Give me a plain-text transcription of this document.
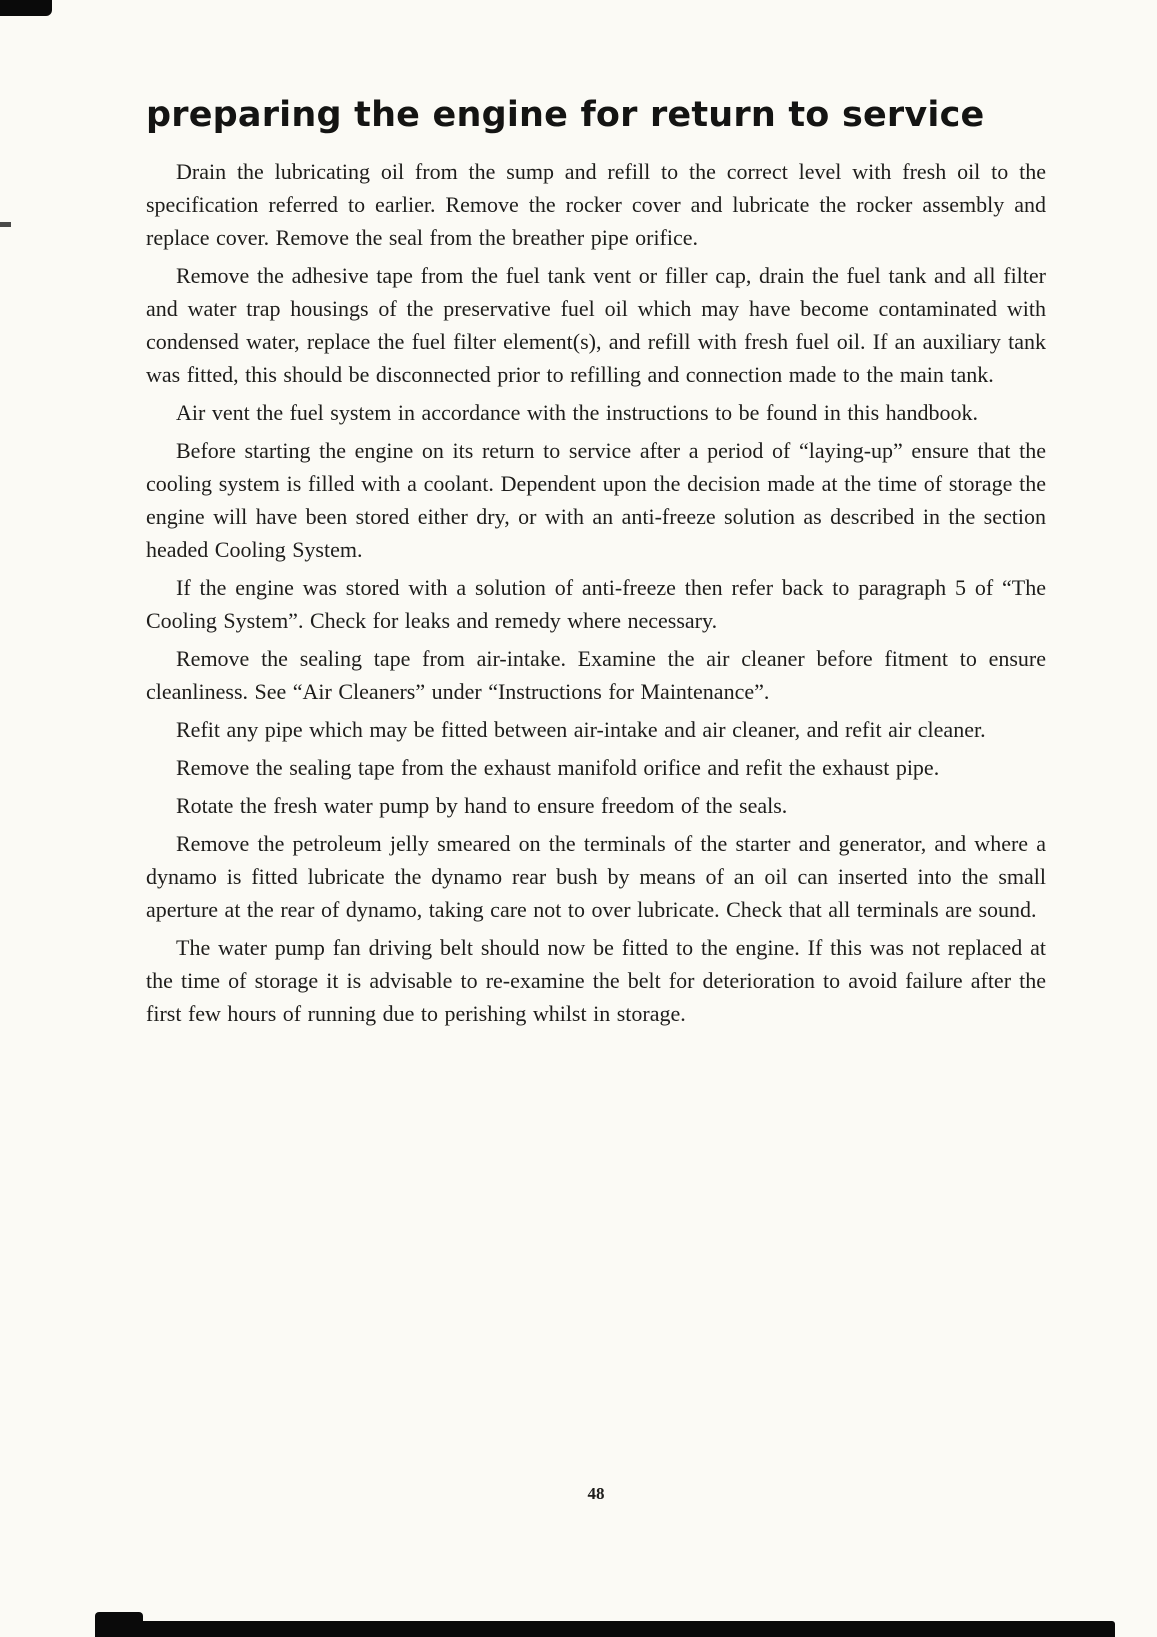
preparing the engine for return to service

Drain the lubricating oil from the sump and refill to the correct level with fresh oil to the specification referred to earlier. Remove the rocker cover and lubricate the rocker assembly and replace cover. Remove the seal from the breather pipe orifice.

Remove the adhesive tape from the fuel tank vent or filler cap, drain the fuel tank and all filter and water trap housings of the preservative fuel oil which may have become contaminated with condensed water, replace the fuel filter element(s), and refill with fresh fuel oil. If an auxiliary tank was fitted, this should be disconnected prior to refilling and connection made to the main tank.

Air vent the fuel system in accordance with the instructions to be found in this handbook.

Before starting the engine on its return to service after a period of “laying-up” ensure that the cooling system is filled with a coolant. Dependent upon the decision made at the time of storage the engine will have been stored either dry, or with an anti-freeze solution as described in the section headed Cooling System.

If the engine was stored with a solution of anti-freeze then refer back to paragraph 5 of “The Cooling System”. Check for leaks and remedy where necessary.

Remove the sealing tape from air-intake. Examine the air cleaner before fitment to ensure cleanliness. See “Air Cleaners” under “Instructions for Maintenance”.

Refit any pipe which may be fitted between air-intake and air cleaner, and refit air cleaner.

Remove the sealing tape from the exhaust manifold orifice and refit the exhaust pipe.

Rotate the fresh water pump by hand to ensure freedom of the seals.

Remove the petroleum jelly smeared on the terminals of the starter and generator, and where a dynamo is fitted lubricate the dynamo rear bush by means of an oil can inserted into the small aperture at the rear of dynamo, taking care not to over lubricate. Check that all terminals are sound.

The water pump fan driving belt should now be fitted to the engine. If this was not replaced at the time of storage it is advisable to re-examine the belt for deterioration to avoid failure after the first few hours of running due to perishing whilst in storage.

48
